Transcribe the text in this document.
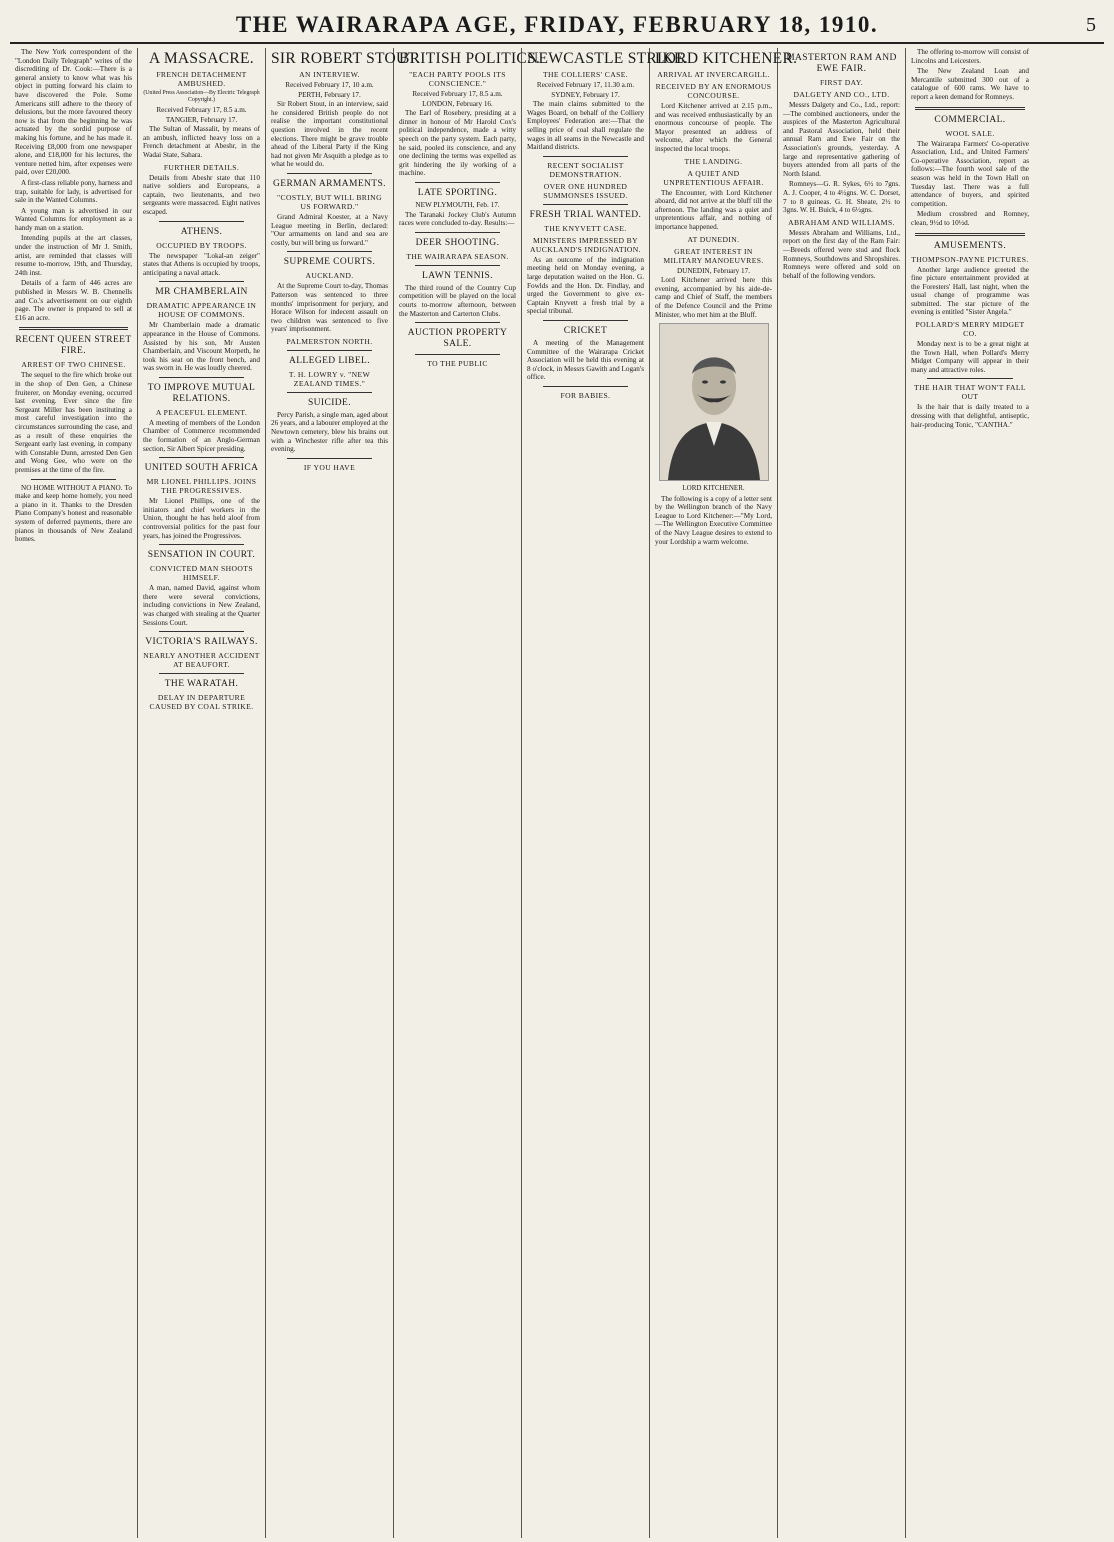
THE WAIRARAPA AGE, FRIDAY, FEBRUARY 18, 1910.	5

The New York correspondent of the "London Daily Telegraph" writes of the discrediting of Dr. Cook:—There is a general anxiety to know what was his object in putting forward his claim to have discovered the Pole. Some Americans still adhere to the theory of delusions, but the more favoured theory now is that from the beginning he was actuated by the sordid purpose of making his fortune, and he has made it. Receiving £8,000 from one newspaper alone, and £18,000 for his lectures, the venture netted him, after expenses were paid, over £20,000.

A first-class reliable pony, harness and trap, suitable for lady, is advertised for sale in the Wanted Columns.

A young man is advertised in our Wanted Columns for employment as a handy man on a station.

Intending pupils at the art classes, under the instruction of Mr J. Smith, artist, are reminded that classes will resume to-morrow, 19th, and Thursday, 24th inst.

Details of a farm of 446 acres are published in Messrs W. B. Chennells and Co.'s advertisement on our eighth page. The owner is prepared to sell at £16 an acre.

RECENT QUEEN STREET FIRE.
ARREST OF TWO CHINESE.

The sequel to the fire which broke out in the shop of Den Gen, a Chinese fruiterer, on Monday evening, occurred last evening. Ever since the fire Sergeant Miller has been instituting a most careful investigation into the circumstances surrounding the case, and as a result of these enquiries the Sergeant early last evening, in company with Constable Dunn, arrested Den Gen and Wong Gee, who were on the premises at the time of the fire.

NO HOME WITHOUT A PIANO. To make and keep home homely, you need a piano in it. Thanks to the Dresden Piano Company's honest and reasonable system of deferred payments, there are pianos in thousands of New Zealand homes.

A MASSACRE.
FRENCH DETACHMENT AMBUSHED.
(United Press Association—By Electric Telegraph Copyright.)
Received February 17, 8.5 a.m.
TANGIER, February 17.

The Sultan of Massalit, by means of an ambush, inflicted heavy loss on a French detachment at Abeshr, in the Wadai State, Sahara.

FURTHER DETAILS.

Details from Abeshr state that 110 native soldiers and Europeans, a captain, two lieutenants, and two sergeants were massacred. Eight natives escaped.

ATHENS.
OCCUPIED BY TROOPS.

The newspaper "Lokal-an zeiger" states that Athens is occupied by troops, anticipating a naval attack.

MR CHAMBERLAIN
DRAMATIC APPEARANCE IN HOUSE OF COMMONS.

Mr Chamberlain made a dramatic appearance in the House of Commons. Assisted by his son, Mr Austen Chamberlain, and Viscount Morpeth, he took his seat on the front bench, and was sworn in. He was loudly cheered.

TO IMPROVE MUTUAL RELATIONS.
A PEACEFUL ELEMENT.

A meeting of members of the London Chamber of Commerce recommended the formation of an Anglo-German section, Sir Albert Spicer presiding.

UNITED SOUTH AFRICA
MR LIONEL PHILLIPS. JOINS THE PROGRESSIVES.

Mr Lionel Phillips, one of the initiators and chief workers in the Union, thought he has held aloof from controversial politics for the past four years, has joined the Progressives.

SENSATION IN COURT.
CONVICTED MAN SHOOTS HIMSELF.

A man, named David, against whom there were several convictions, including convictions in New Zealand, was charged with stealing at the Quarter Sessions Court.

VICTORIA'S RAILWAYS.
NEARLY ANOTHER ACCIDENT AT BEAUFORT.
THE WARATAH.
DELAY IN DEPARTURE CAUSED BY COAL STRIKE.
SIR ROBERT STOUT.
AN INTERVIEW.
Received February 17, 10 a.m.
PERTH, February 17.

Sir Robert Stout, in an interview, said he considered British people do not realise the important constitutional question involved in the recent elections. There might be grave trouble ahead of the Liberal Party if the King had not given Mr Asquith a pledge as to what he would do.

GERMAN ARMAMENTS.
"COSTLY, BUT WILL BRING US FORWARD."

Grand Admiral Koester, at a Navy League meeting in Berlin, declared: "Our armaments on land and sea are costly, but will bring us forward."

SUPREME COURTS.
AUCKLAND.

At the Supreme Court to-day, Thomas Patterson was sentenced to three months' imprisonment for perjury, and Horace Wilson for indecent assault on two children was sentenced to five years' imprisonment.

PALMERSTON NORTH.
ALLEGED LIBEL.
T. H. LOWRY v. "NEW ZEALAND TIMES."
SUICIDE.

Percy Parish, a single man, aged about 26 years, and a labourer employed at the Newtown cemetery, blew his brains out with a Winchester rifle after tea this evening.

IF YOU HAVE
BRITISH POLITICS.
"EACH PARTY POOLS ITS CONSCIENCE."
Received February 17, 8.5 a.m.
LONDON, February 16.

The Earl of Rosebery, presiding at a dinner in honour of Mr Harold Cox's political independence, made a witty speech on the party system. Each party, he said, pooled its conscience, and any one declining the terms was expelled as grit hindering the ily working of a machine.

LATE SPORTING.
NEW PLYMOUTH, Feb. 17.

The Taranaki Jockey Club's Autumn races were concluded to-day. Results:—

DEER SHOOTING.
THE WAIRARAPA SEASON.
LAWN TENNIS.

The third round of the Country Cup competition will be played on the local courts to-morrow afternoon, between the Masterton and Carterton Clubs.

AUCTION PROPERTY SALE.
TO THE PUBLIC
NEWCASTLE STRIKE.
THE COLLIERS' CASE.
Received February 17, 11.30 a.m.
SYDNEY, February 17.

The main claims submitted to the Wages Board, on behalf of the Colliery Employees' Federation are:—That the selling price of coal shall regulate the wages in all seams in the Newcastle and Maitland districts.

RECENT SOCIALIST DEMONSTRATION.
OVER ONE HUNDRED SUMMONSES ISSUED.
FRESH TRIAL WANTED.
THE KNYVETT CASE.
MINISTERS IMPRESSED BY AUCKLAND'S INDIGNATION.

As an outcome of the indignation meeting held on Monday evening, a large deputation waited on the Hon. G. Fowlds and the Hon. Dr. Findlay, and urged the Government to give ex-Captain Knyvett a fresh trial by a special tribunal.

CRICKET

A meeting of the Management Committee of the Wairarapa Cricket Association will be held this evening at 8 o'clock, in Messrs Gawith and Logan's office.

FOR BABIES.
LORD KITCHENER.
ARRIVAL AT INVERCARGILL.
RECEIVED BY AN ENORMOUS CONCOURSE.

Lord Kitchener arrived at 2.15 p.m., and was received enthusiastically by an enormous concourse of people. The Mayor presented an address of welcome, after which the General inspected the local troops.

THE LANDING.
A QUIET AND UNPRETENTIOUS AFFAIR.

The Encounter, with Lord Kitchener aboard, did not arrive at the bluff till the afternoon. The landing was a quiet and unpretentious affair, and nothing of importance happened.

AT DUNEDIN.
GREAT INTEREST IN MILITARY MANOEUVRES.
DUNEDIN, February 17.

Lord Kitchener arrived here this evening, accompanied by his aide-de-camp and Chief of Staff, the members of the Defence Council and the Prime Minister, who met him at the Bluff.

LORD KITCHENER.

The following is a copy of a letter sent by the Wellington branch of the Navy League to Lord Kitchener:—"My Lord,—The Wellington Executive Committee of the Navy League desires to extend to your Lordship a warm welcome.

MASTERTON RAM AND EWE FAIR.
FIRST DAY.
DALGETY AND CO., LTD.

Messrs Dalgety and Co., Ltd., report:—The combined auctioneers, under the auspices of the Masterton Agricultural and Pastoral Association, held their annual Ram and Ewe Fair on the Association's grounds, yesterday. A large and representative gathering of buyers attended from all parts of the North Island.

Romneys—G. R. Sykes, 6½ to 7gns. A. J. Cooper, 4 to 4½gns. W. C. Dorset, 7 to 8 guineas. G. H. Sheate, 2½ to 3gns. W. H. Buick, 4 to 6½gns.

ABRAHAM AND WILLIAMS.

Messrs Abraham and Williams, Ltd., report on the first day of the Ram Fair:—Breeds offered were stud and flock Romneys, Southdowns and Shropshires. Romneys were offered and sold on behalf of the following vendors.

The offering to-morrow will consist of Lincolns and Leicesters.

The New Zealand Loan and Mercantile submitted 300 out of a catalogue of 600 rams. We have to report a keen demand for Romneys.

COMMERCIAL.
WOOL SALE.

The Wairarapa Farmers' Co-operative Association, Ltd., and United Farmers' Co-operative Association, report as follows:—The fourth wool sale of the season was held in the Town Hall on Tuesday last. There was a full attendance of buyers, and spirited competition.

Medium crossbred and Romney, clean, 9½d to 10½d.

AMUSEMENTS.
THOMPSON-PAYNE PICTURES.

Another large audience greeted the fine picture entertainment provided at the Foresters' Hall, last night, when the usual change of programme was submitted. The star picture of the evening is entitled "Sister Angela."

POLLARD'S MERRY MIDGET CO.

Monday next is to be a great night at the Town Hall, when Pollard's Merry Midget Company will appear in their many and attractive roles.

THE HAIR THAT WON'T FALL OUT

Is the hair that is daily treated to a dressing with that delightful, antiseptic, hair-producing Tonic, "CANTHA."
